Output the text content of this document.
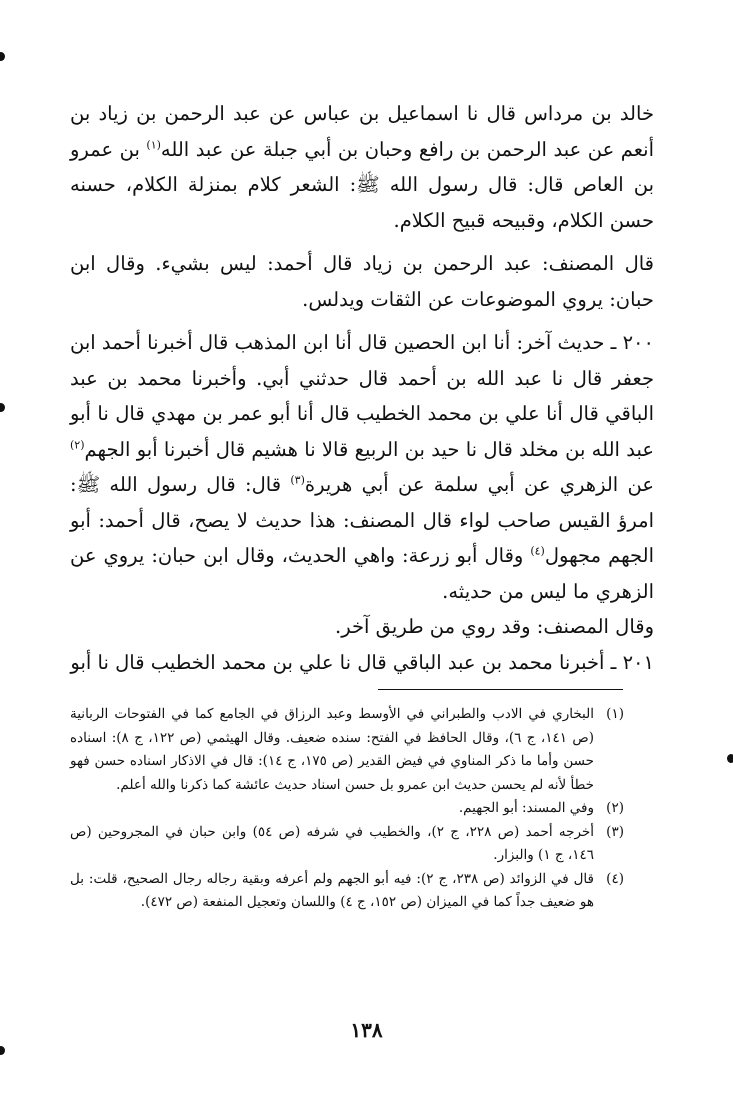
خالد بن مرداس قال نا اسماعيل بن عباس عن عبد الرحمن بن زياد بن أنعم عن عبد الرحمن بن رافع وحبان بن أبي جبلة عن عبد الله$^{(١)}$ بن عمرو بن العاص قال: قال رسول الله ﷺ: الشعر كلام بمنزلة الكلام، حسنه حسن الكلام، وقبيحه قبيح الكلام.

قال المصنف: عبد الرحمن بن زياد قال أحمد: ليس بشيء. وقال ابن حبان: يروي الموضوعات عن الثقات ويدلس.

٢٠٠ ـ حديث آخر: أنا ابن الحصين قال أنا ابن المذهب قال أخبرنا أحمد ابن جعفر قال نا عبد الله بن أحمد قال حدثني أبي. وأخبرنا محمد بن عبد الباقي قال أنا علي بن محمد الخطيب قال أنا أبو عمر بن مهدي قال نا أبو عبد الله بن مخلد قال نا حيد بن الربيع قالا نا هشيم قال أخبرنا أبو الجهم$^{(٢)}$ عن الزهري عن أبي سلمة عن أبي هريرة$^{(٣)}$ قال: قال رسول الله ﷺ: امرؤ القيس صاحب لواء قال المصنف: هذا حديث لا يصح، قال أحمد: أبو الجهم مجهول$^{(٤)}$ وقال أبو زرعة: واهي الحديث، وقال ابن حبان: يروي عن الزهري ما ليس من حديثه.

وقال المصنف: وقد روي من طريق آخر.

٢٠١ ـ أخبرنا محمد بن عبد الباقي قال نا علي بن محمد الخطيب قال نا أبو

(١)
البخاري في الادب والطبراني في الأوسط وعبد الرزاق في الجامع كما في الفتوحات الربانية (ص ١٤١، ج ٦)، وقال الحافظ في الفتح: سنده ضعيف. وقال الهيثمي (ص ١٢٢، ج ٨): اسناده حسن وأما ما ذكر المناوي في فيض القدير (ص ١٧٥، ج ١٤): قال في الاذكار اسناده حسن فهو خطأ لأنه لم يحسن حديث ابن عمرو بل حسن اسناد حديث عائشة كما ذكرنا والله أعلم.

(٢)
وفي المسند: أبو الجهيم.

(٣)
أخرجه أحمد (ص ٢٢٨، ج ٢)، والخطيب في شرفه (ص ٥٤) وابن حبان في المجروحين (ص ١٤٦، ج ١) والبزار.

(٤)
قال في الزوائد (ص ٢٣٨، ج ٢): فيه أبو الجهم ولم أعرفه وبقية رجاله رجال الصحيح، قلت: بل هو ضعيف جداً كما في الميزان (ص ١٥٢، ج ٤) واللسان وتعجيل المنفعة (ص ٤٧٢).

١٣٨
